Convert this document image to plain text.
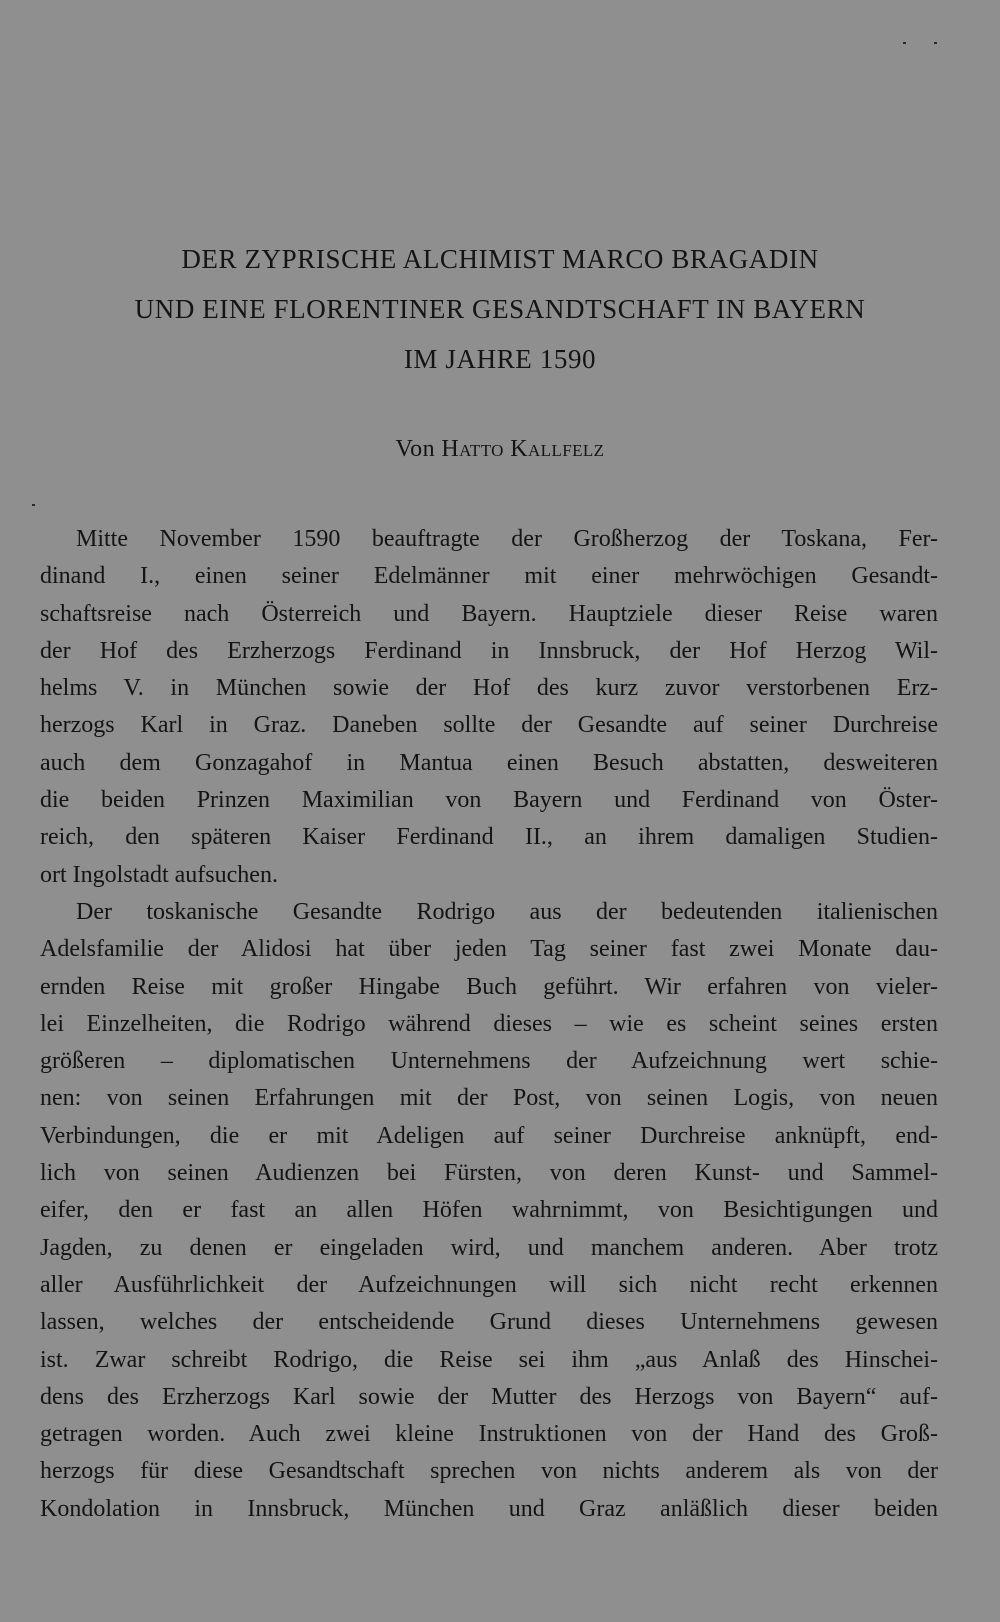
DER ZYPRISCHE ALCHIMIST MARCO BRAGADIN
UND EINE FLORENTINER GESANDTSCHAFT IN BAYERN
IM JAHRE 1590
Von Hatto Kallfelz
Mitte November 1590 beauftragte der Großherzog der Toskana, Fer-
dinand I., einen seiner Edelmänner mit einer mehrwöchigen Gesandt-
schaftsreise nach Österreich und Bayern. Hauptziele dieser Reise waren
der Hof des Erzherzogs Ferdinand in Innsbruck, der Hof Herzog Wil-
helms V. in München sowie der Hof des kurz zuvor verstorbenen Erz-
herzogs Karl in Graz. Daneben sollte der Gesandte auf seiner Durchreise
auch dem Gonzagahof in Mantua einen Besuch abstatten, desweiteren
die beiden Prinzen Maximilian von Bayern und Ferdinand von Öster-
reich, den späteren Kaiser Ferdinand II., an ihrem damaligen Studien-
ort Ingolstadt aufsuchen.
Der toskanische Gesandte Rodrigo aus der bedeutenden italienischen
Adelsfamilie der Alidosi hat über jeden Tag seiner fast zwei Monate dau-
ernden Reise mit großer Hingabe Buch geführt. Wir erfahren von vieler-
lei Einzelheiten, die Rodrigo während dieses – wie es scheint seines ersten
größeren – diplomatischen Unternehmens der Aufzeichnung wert schie-
nen: von seinen Erfahrungen mit der Post, von seinen Logis, von neuen
Verbindungen, die er mit Adeligen auf seiner Durchreise anknüpft, end-
lich von seinen Audienzen bei Fürsten, von deren Kunst- und Sammel-
eifer, den er fast an allen Höfen wahrnimmt, von Besichtigungen und
Jagden, zu denen er eingeladen wird, und manchem anderen. Aber trotz
aller Ausführlichkeit der Aufzeichnungen will sich nicht recht erkennen
lassen, welches der entscheidende Grund dieses Unternehmens gewesen
ist. Zwar schreibt Rodrigo, die Reise sei ihm „aus Anlaß des Hinschei-
dens des Erzherzogs Karl sowie der Mutter des Herzogs von Bayern“ auf-
getragen worden. Auch zwei kleine Instruktionen von der Hand des Groß-
herzogs für diese Gesandtschaft sprechen von nichts anderem als von der
Kondolation in Innsbruck, München und Graz anläßlich dieser beiden
